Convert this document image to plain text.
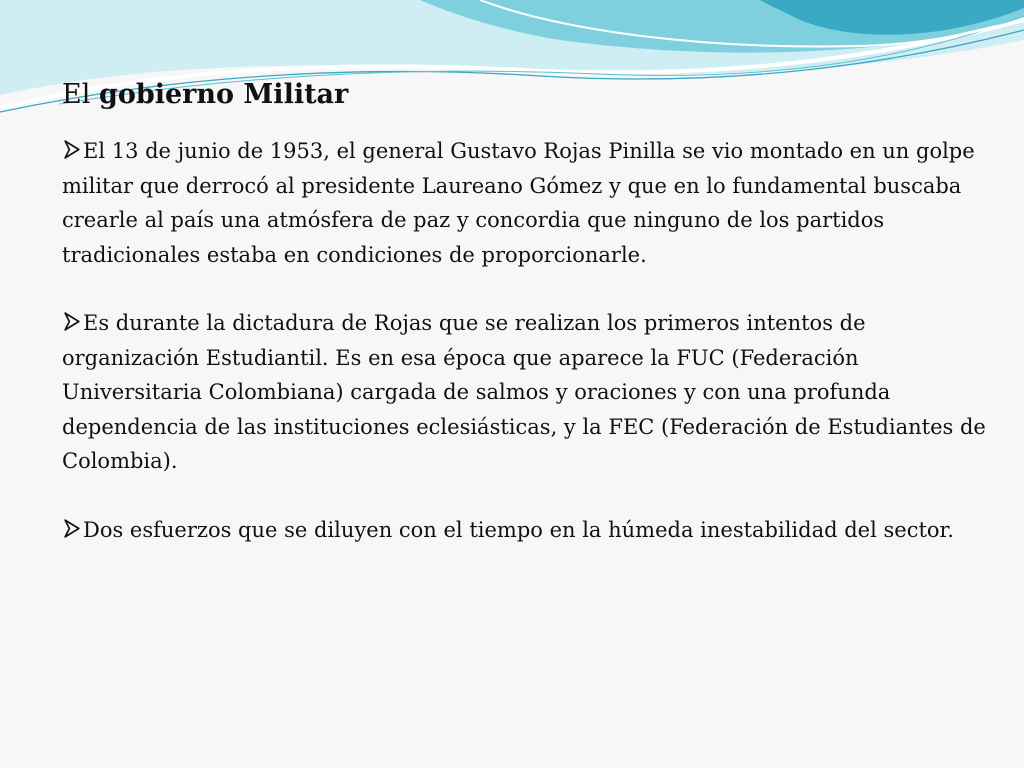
El gobierno Militar

El 13 de junio de 1953, el general Gustavo Rojas Pinilla se vio montado en un golpe militar que derrocó al presidente Laureano Gómez y que en lo fundamental buscaba crearle al país una atmósfera de paz y concordia que ninguno de los partidos tradicionales estaba en condiciones de proporcionarle.

Es durante la dictadura de Rojas que se realizan los primeros intentos de organización Estudiantil. Es en esa época que aparece la FUC (Federación Universitaria Colombiana) cargada de salmos y oraciones y con una profunda dependencia de las instituciones eclesiásticas, y la FEC (Federación de Estudiantes de Colombia).

Dos esfuerzos que se diluyen con el tiempo en la húmeda inestabilidad del sector.
